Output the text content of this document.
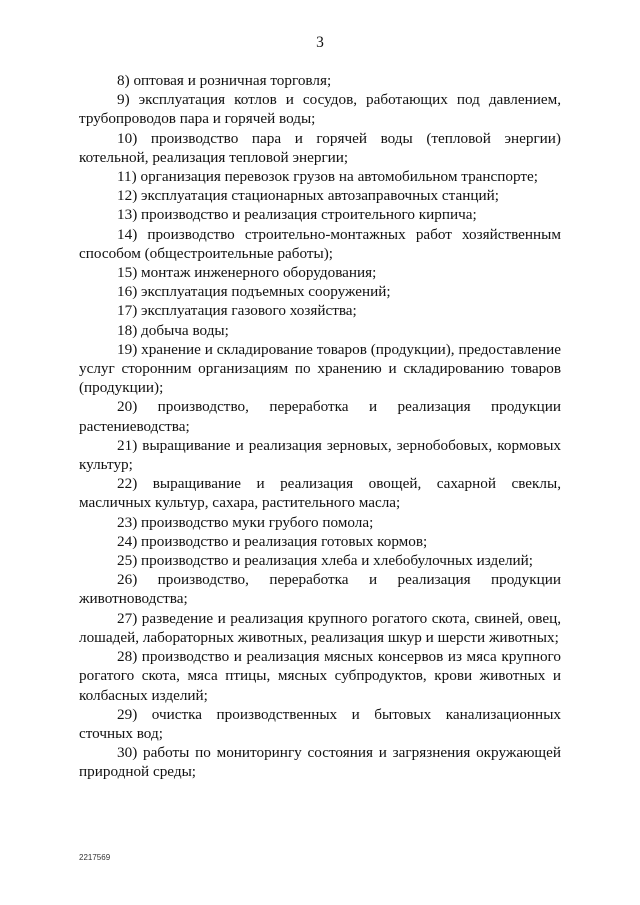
3

8) оптовая и розничная торговля;

9) эксплуатация котлов и сосудов, работающих под давлением, трубопроводов пара и горячей воды;

10) производство пара и горячей воды (тепловой энергии) котельной, реализация тепловой энергии;

11) организация перевозок грузов на автомобильном транспорте;

12) эксплуатация стационарных автозаправочных станций;

13) производство и реализация строительного кирпича;

14) производство строительно-монтажных работ хозяйственным способом (общестроительные работы);

15) монтаж инженерного оборудования;

16) эксплуатация подъемных сооружений;

17) эксплуатация газового хозяйства;

18) добыча воды;

19) хранение и складирование товаров (продукции), предоставление услуг сторонним организациям по хранению и складированию товаров (продукции);

20) производство, переработка и реализация продукции растениеводства;

21) выращивание и реализация зерновых, зернобобовых, кормовых культур;

22) выращивание и реализация овощей, сахарной свеклы, масличных культур, сахара, растительного масла;

23) производство муки грубого помола;

24) производство и реализация готовых кормов;

25) производство и реализация хлеба и хлебобулочных изделий;

26) производство, переработка и реализация продукции животноводства;

27) разведение и реализация крупного рогатого скота, свиней, овец, лошадей, лабораторных животных, реализация шкур и шерсти животных;

28) производство и реализация мясных консервов из мяса крупного рогатого скота, мяса птицы, мясных субпродуктов, крови животных и колбасных изделий;

29) очистка производственных и бытовых канализационных сточных вод;

30) работы по мониторингу состояния и загрязнения окружающей природной среды;

2217569
